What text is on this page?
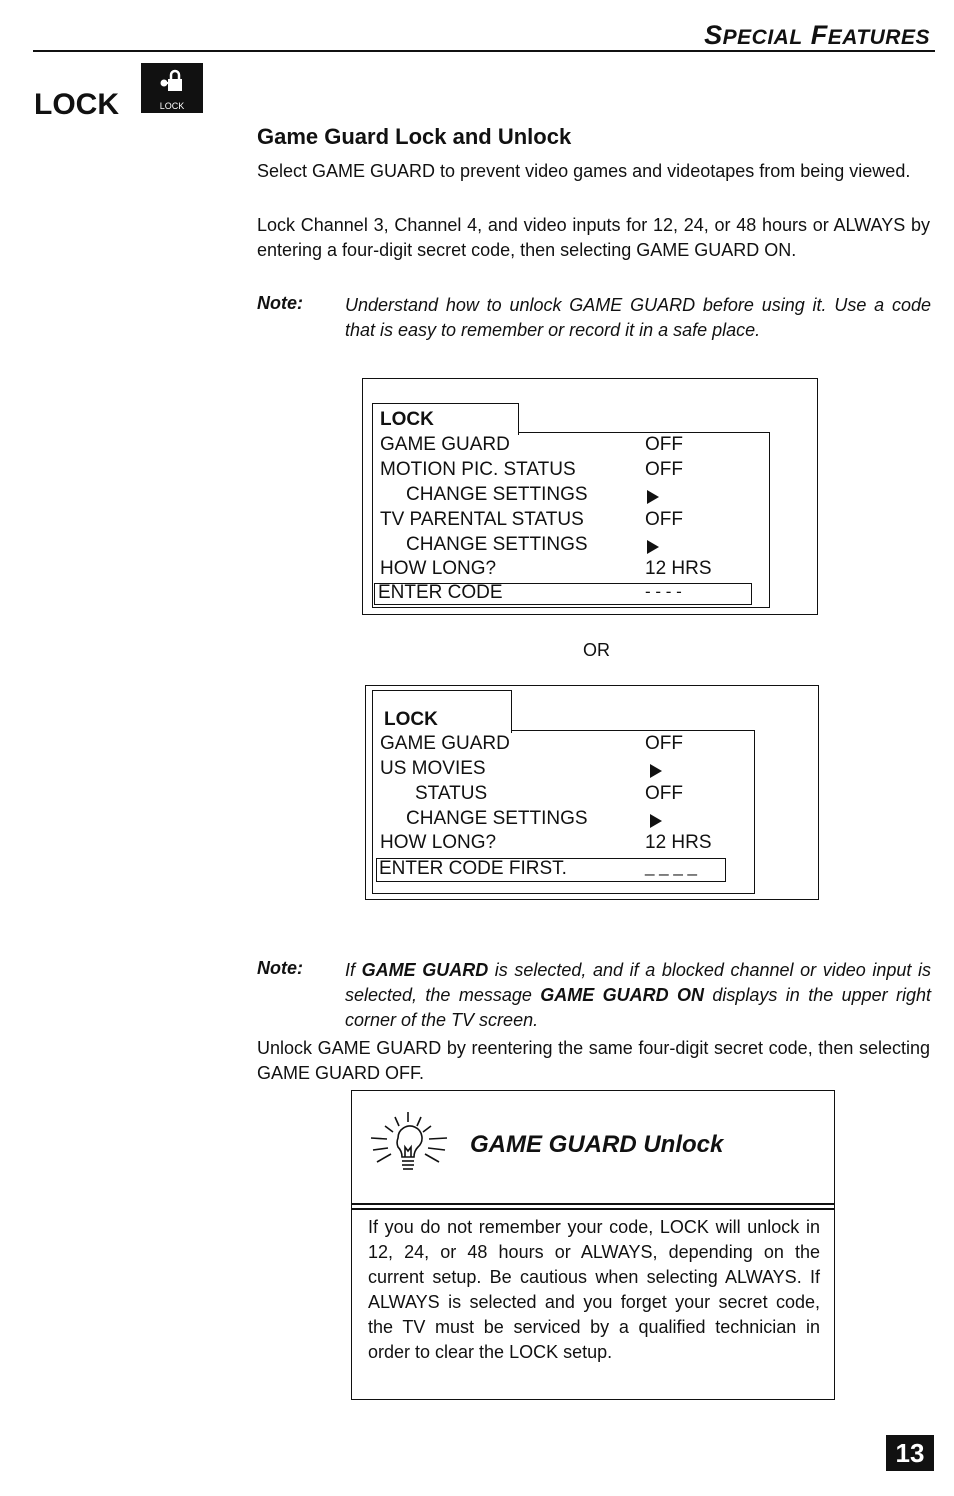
SPECIAL FEATURES
LOCK	LOCK
Game Guard Lock and Unlock
Select GAME GUARD to prevent video games and videotapes from being viewed.
Lock Channel 3, Channel 4, and video inputs for 12, 24, or 48 hours or ALWAYS by entering a four-digit secret code, then selecting GAME GUARD ON.
Note: Understand how to unlock GAME GUARD before using it. Use a code that is easy to remember or record it in a safe place.
LOCK
GAME GUARD	OFF
MOTION PIC. STATUS	OFF
CHANGE SETTINGS
TV PARENTAL STATUS	OFF
CHANGE SETTINGS
HOW LONG?	12 HRS
ENTER CODE	- - - -
OR
LOCK
GAME GUARD	OFF
US MOVIES
STATUS	OFF
CHANGE SETTINGS
HOW LONG?	12 HRS
ENTER CODE FIRST.	_ _ _ _
Note: If GAME GUARD is selected, and if a blocked channel or video input is selected, the message GAME GUARD ON displays in the upper right corner of the TV screen.
Unlock GAME GUARD by reentering the same four-digit secret code, then selecting GAME GUARD OFF.
GAME GUARD Unlock
If you do not remember your code, LOCK will unlock in 12, 24, or 48 hours or ALWAYS, depending on the current setup. Be cautious when selecting ALWAYS. If ALWAYS is selected and you forget your secret code, the TV must be serviced by a qualified technician in order to clear the LOCK setup.
13
